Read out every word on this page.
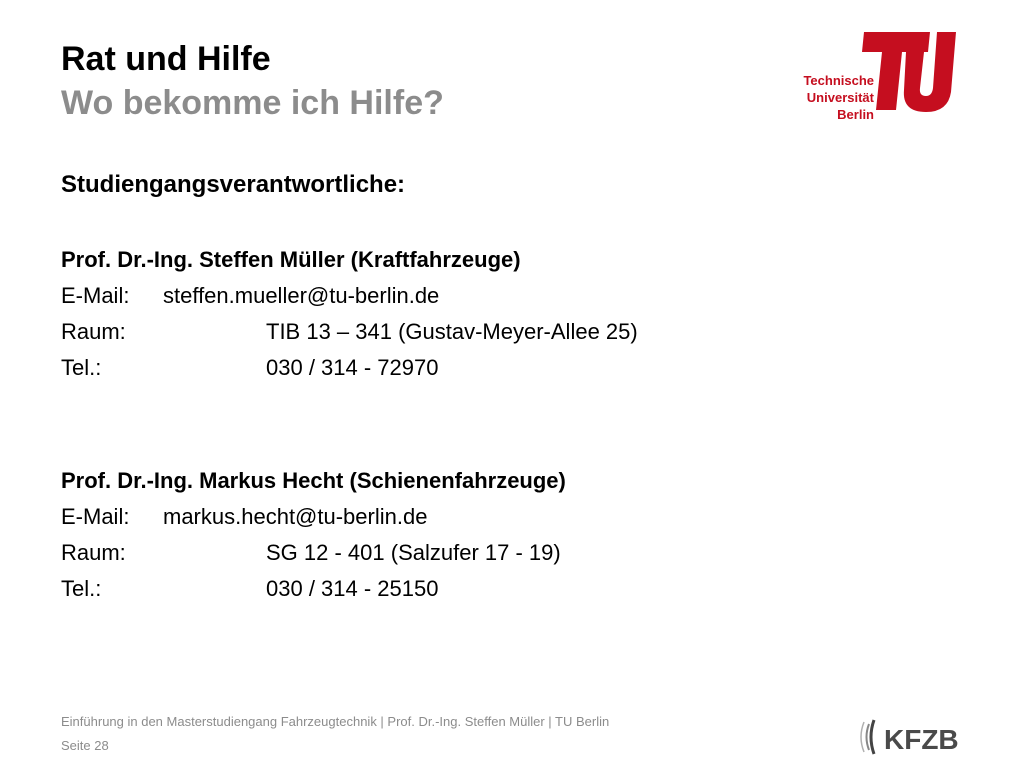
Rat und Hilfe
Wo bekomme ich Hilfe?
berlin
Technische
Universität
Berlin
Studiengangsverantwortliche:
Prof. Dr.-Ing. Steffen Müller (Kraftfahrzeuge)
E-Mail: steffen.mueller@tu-berlin.de
Raum:	TIB 13 – 341 (Gustav-Meyer-Allee 25)
Tel.:	030 / 314 - 72970
Prof. Dr.-Ing. Markus Hecht (Schienenfahrzeuge)
E-Mail: markus.hecht@tu-berlin.de
Raum:	SG 12 - 401 (Salzufer 17 - 19)
Tel.:	030 / 314 - 25150
Einführung in den Masterstudiengang Fahrzeugtechnik | Prof. Dr.-Ing. Steffen Müller | TU Berlin
Seite 28	KFZB
